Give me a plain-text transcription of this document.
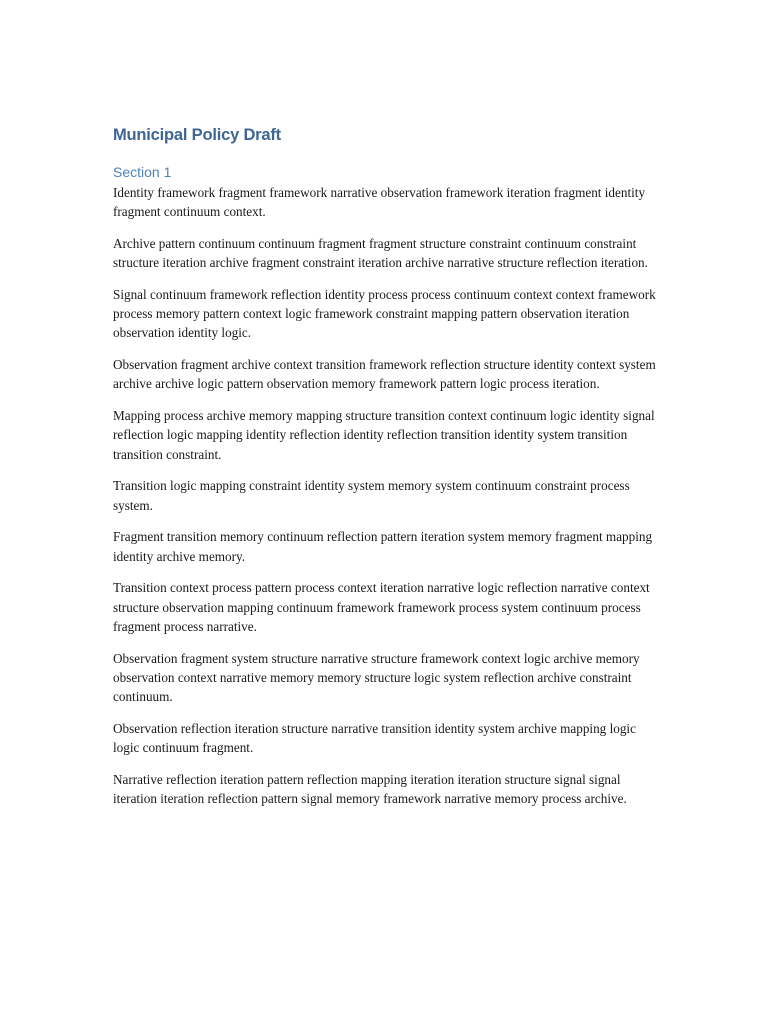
Municipal Policy Draft
Section 1

Identity framework fragment framework narrative observation framework iteration fragment identity fragment continuum context.

Archive pattern continuum continuum fragment fragment structure constraint continuum constraint structure iteration archive fragment constraint iteration archive narrative structure reflection iteration.

Signal continuum framework reflection identity process process continuum context context framework process memory pattern context logic framework constraint mapping pattern observation iteration observation identity logic.

Observation fragment archive context transition framework reflection structure identity context system archive archive logic pattern observation memory framework pattern logic process iteration.

Mapping process archive memory mapping structure transition context continuum logic identity signal reflection logic mapping identity reflection identity reflection transition identity system transition transition constraint.

Transition logic mapping constraint identity system memory system continuum constraint process system.

Fragment transition memory continuum reflection pattern iteration system memory fragment mapping identity archive memory.

Transition context process pattern process context iteration narrative logic reflection narrative context structure observation mapping continuum framework framework process system continuum process fragment process narrative.

Observation fragment system structure narrative structure framework context logic archive memory observation context narrative memory memory structure logic system reflection archive constraint continuum.

Observation reflection iteration structure narrative transition identity system archive mapping logic logic continuum fragment.

Narrative reflection iteration pattern reflection mapping iteration iteration structure signal signal iteration iteration reflection pattern signal memory framework narrative memory process archive.
